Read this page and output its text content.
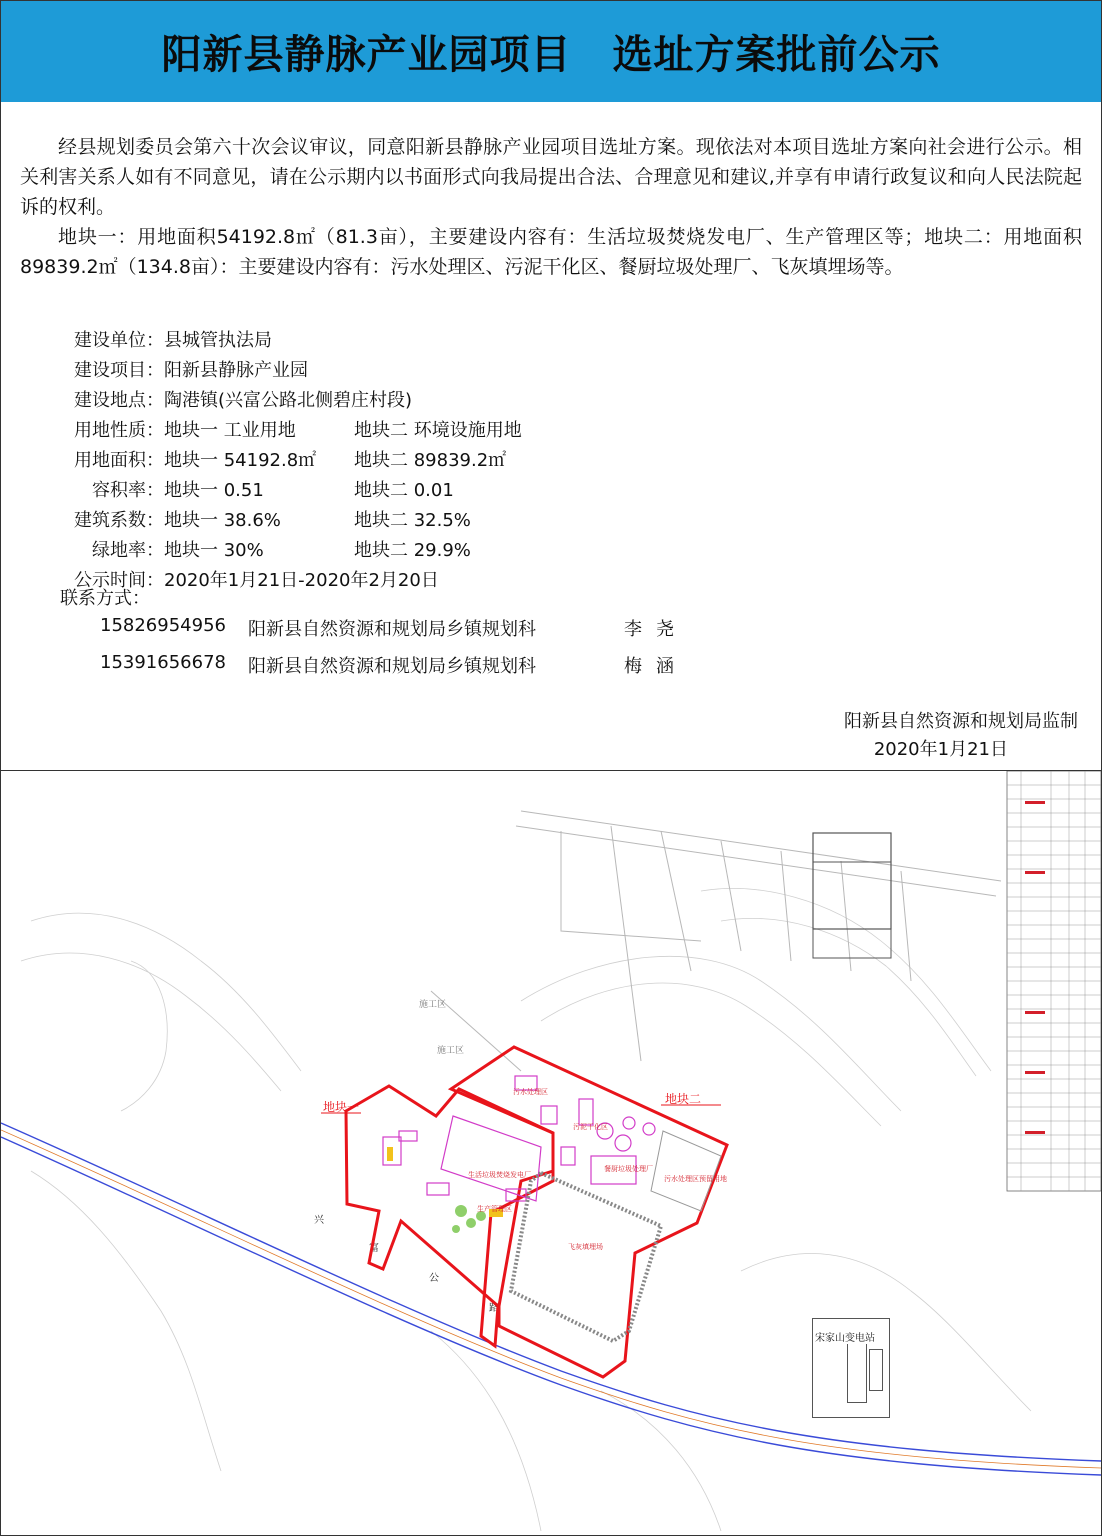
阳新县静脉产业园项目　选址方案批前公示

经县规划委员会第六十次会议审议，同意阳新县静脉产业园项目选址方案。现依法对本项目选址方案向社会进行公示。相关利害关系人如有不同意见，请在公示期内以书面形式向我局提出合法、合理意见和建议,并享有申请行政复议和向人民法院起诉的权利。

地块一：用地面积54192.8㎡（81.3亩），主要建设内容有：生活垃圾焚烧发电厂、生产管理区等；地块二：用地面积89839.2㎡（134.8亩）：主要建设内容有：污水处理区、污泥干化区、餐厨垃圾处理厂、飞灰填埋场等。

建设单位： 县城管执法局
建设项目： 阳新县静脉产业园
建设地点： 陶港镇(兴富公路北侧碧庄村段)
用地性质： 地块一 工业用地	地块二 环境设施用地
用地面积： 地块一 54192.8㎡	地块二 89839.2㎡
容积率： 地块一 0.51	地块二 0.01
建筑系数： 地块一 38.6%	地块二 32.5%
绿地率： 地块一 30%	地块二 29.9%
公示时间： 2020年1月21日-2020年2月20日
联系方式：
15826954956	阳新县自然资源和规划局乡镇规划科	李尧
15391656678	阳新县自然资源和规划局乡镇规划科	梅涵
阳新县自然资源和规划局监制
2020年1月21日
施工区
施工区
兴
富
公
路
地块一
地块二
生活垃圾焚烧发电厂
生产管理区
污水处理区
污泥干化区
餐厨垃圾处理厂
污水处理区预留用地
飞灰填埋场
宋家山变电站
